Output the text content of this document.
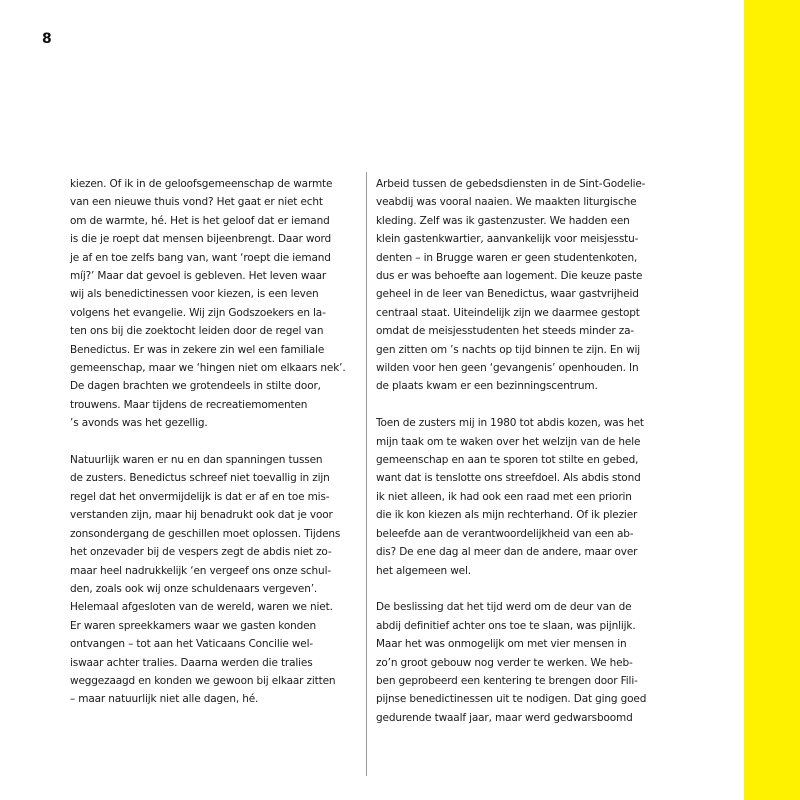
8
kiezen. Of ik in de geloofsgemeenschap de warmte
van een nieuwe thuis vond? Het gaat er niet echt
om de warmte, hé. Het is het geloof dat er iemand
is die je roept dat mensen bijeenbrengt. Daar word
je af en toe zelfs bang van, want ‘roept die iemand
míj?’ Maar dat gevoel is gebleven. Het leven waar
wij als benedictinessen voor kiezen, is een leven
volgens het evangelie. Wij zijn Godszoekers en la-
ten ons bij die zoektocht leiden door de regel van
Benedictus. Er was in zekere zin wel een familiale
gemeenschap, maar we ‘hingen niet om elkaars nek’.
De dagen brachten we grotendeels in stilte door,
trouwens. Maar tijdens de recreatiemomenten
’s avonds was het gezellig.
Natuurlijk waren er nu en dan spanningen tussen
de zusters. Benedictus schreef niet toevallig in zijn
regel dat het onvermijdelijk is dat er af en toe mis-
verstanden zijn, maar hij benadrukt ook dat je voor
zonsondergang de geschillen moet oplossen. Tijdens
het onzevader bij de vespers zegt de abdis niet zo-
maar heel nadrukkelijk ‘en vergeef ons onze schul-
den, zoals ook wij onze schuldenaars vergeven’.
Helemaal afgesloten van de wereld, waren we niet.
Er waren spreekkamers waar we gasten konden
ontvangen – tot aan het Vaticaans Concilie wel-
iswaar achter tralies. Daarna werden die tralies
weggezaagd en konden we gewoon bij elkaar zitten
– maar natuurlijk niet alle dagen, hé.
Arbeid tussen de gebedsdiensten in de Sint-Godelie-
veabdij was vooral naaien. We maakten liturgische
kleding. Zelf was ik gastenzuster. We hadden een
klein gastenkwartier, aanvankelijk voor meisjesstu-
denten – in Brugge waren er geen studentenkoten,
dus er was behoefte aan logement. Die keuze paste
geheel in de leer van Benedictus, waar gastvrijheid
centraal staat. Uiteindelijk zijn we daarmee gestopt
omdat de meisjesstudenten het steeds minder za-
gen zitten om ’s nachts op tijd binnen te zijn. En wij
wilden voor hen geen ‘gevangenis’ openhouden. In
de plaats kwam er een bezinningscentrum.
Toen de zusters mij in 1980 tot abdis kozen, was het
mijn taak om te waken over het welzijn van de hele
gemeenschap en aan te sporen tot stilte en gebed,
want dat is tenslotte ons streefdoel. Als abdis stond
ik niet alleen, ik had ook een raad met een priorin
die ik kon kiezen als mijn rechterhand. Of ik plezier
beleefde aan de verantwoordelijkheid van een ab-
dis? De ene dag al meer dan de andere, maar over
het algemeen wel.
De beslissing dat het tijd werd om de deur van de
abdij definitief achter ons toe te slaan, was pijnlijk.
Maar het was onmogelijk om met vier mensen in
zo’n groot gebouw nog verder te werken. We heb-
ben geprobeerd een kentering te brengen door Fili-
pijnse benedictinessen uit te nodigen. Dat ging goed
gedurende twaalf jaar, maar werd gedwarsboomd
